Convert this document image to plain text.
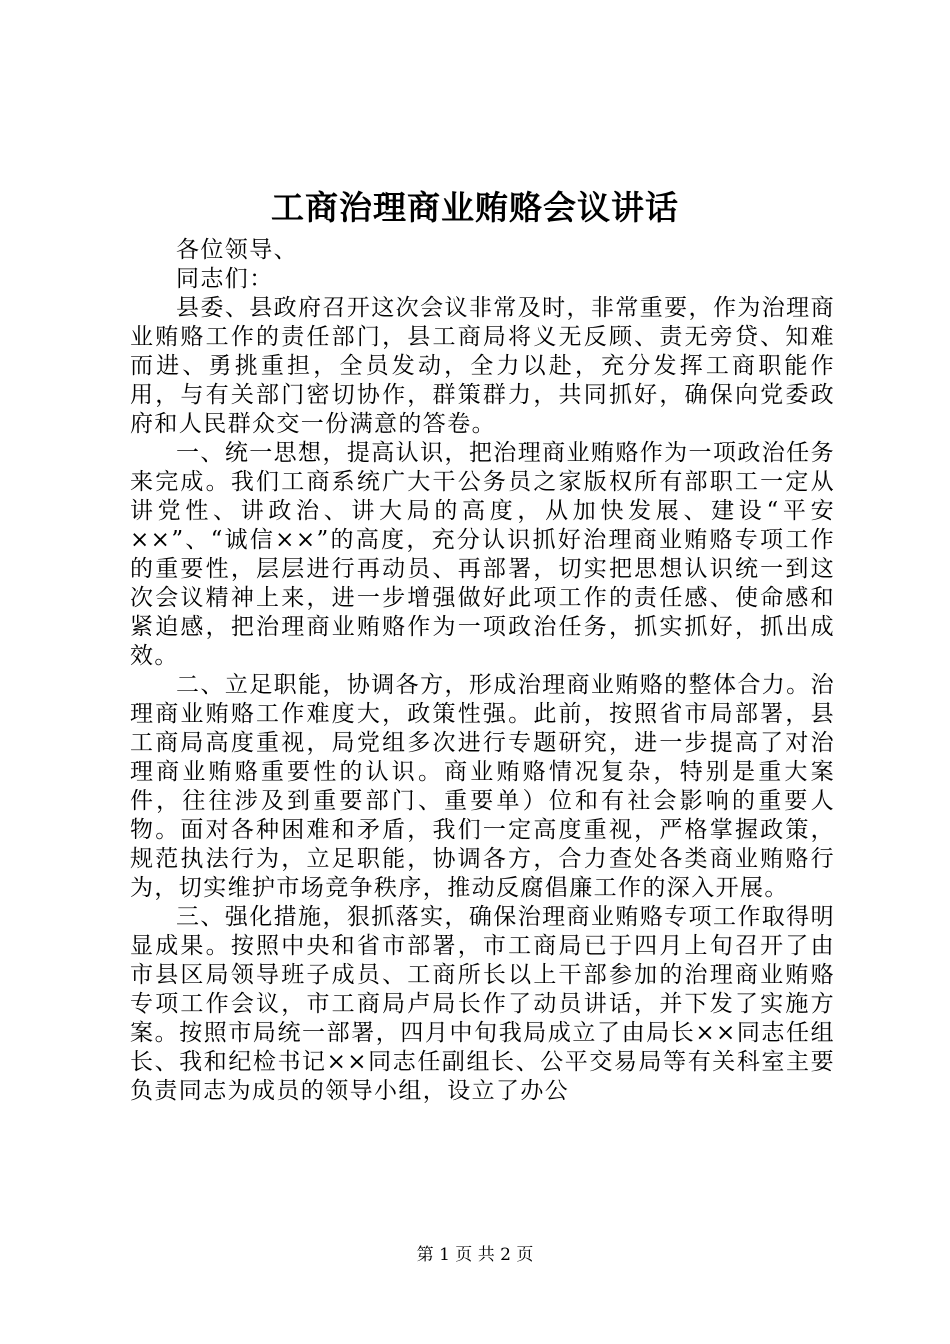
工商治理商业贿赂会议讲话

各位领导、

同志们：

县委、县政府召开这次会议非常及时，非常重要，作为治理商业贿赂工作的责任部门，县工商局将义无反顾、责无旁贷、知难而进、勇挑重担，全员发动，全力以赴，充分发挥工商职能作用，与有关部门密切协作，群策群力，共同抓好，确保向党委政府和人民群众交一份满意的答卷。

一、统一思想，提高认识，把治理商业贿赂作为一项政治任务来完成。我们工商系统广大干公务员之家版权所有部职工一定从讲党性、讲政治、讲大局的高度，从加快发展、建设“平安××”、“诚信××”的高度，充分认识抓好治理商业贿赂专项工作的重要性，层层进行再动员、再部署，切实把思想认识统一到这次会议精神上来，进一步增强做好此项工作的责任感、使命感和紧迫感，把治理商业贿赂作为一项政治任务，抓实抓好，抓出成效。

二、立足职能，协调各方，形成治理商业贿赂的整体合力。治理商业贿赂工作难度大，政策性强。此前，按照省市局部署，县工商局高度重视，局党组多次进行专题研究，进一步提高了对治理商业贿赂重要性的认识。商业贿赂情况复杂，特别是重大案件，往往涉及到重要部门、重要单）位和有社会影响的重要人物。面对各种困难和矛盾，我们一定高度重视，严格掌握政策，规范执法行为，立足职能，协调各方，合力查处各类商业贿赂行为，切实维护市场竞争秩序，推动反腐倡廉工作的深入开展。

三、强化措施，狠抓落实，确保治理商业贿赂专项工作取得明显成果。按照中央和省市部署，市工商局已于四月上旬召开了由市县区局领导班子成员、工商所长以上干部参加的治理商业贿赂专项工作会议，市工商局卢局长作了动员讲话，并下发了实施方案。按照市局统一部署，四月中旬我局成立了由局长××同志任组长、我和纪检书记××同志任副组长、公平交易局等有关科室主要负责同志为成员的领导小组，设立了办公

第 1 页 共 2 页
